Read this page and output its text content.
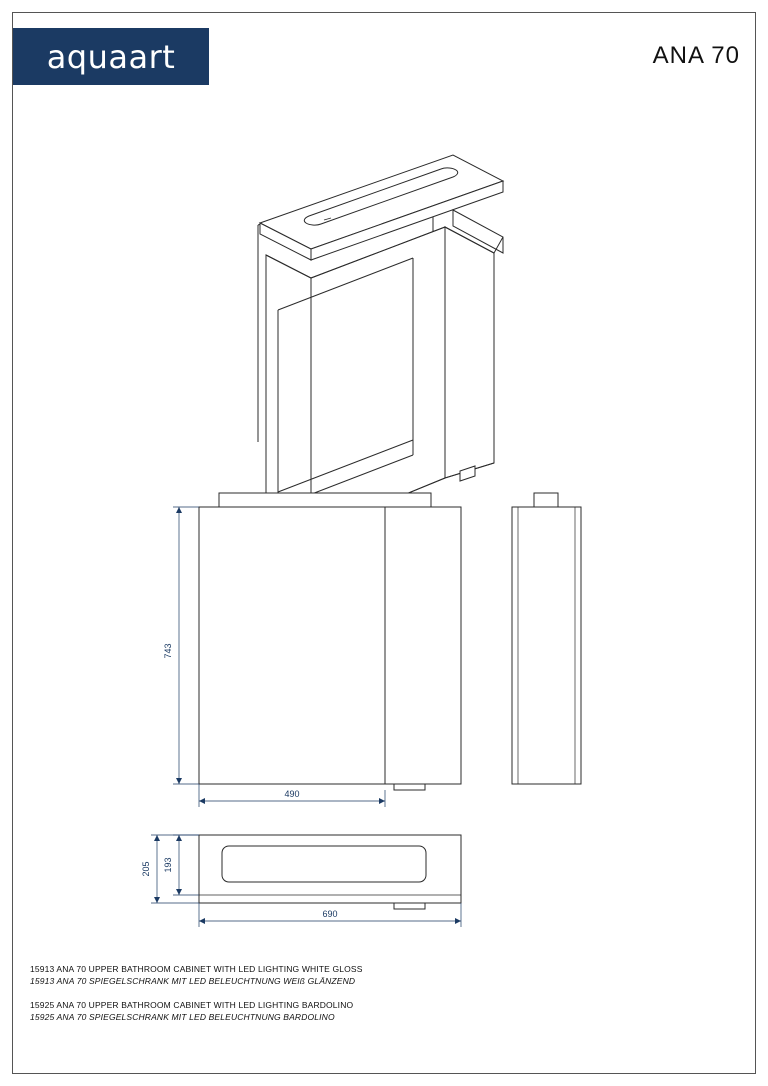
aquaart	ANA 70
743
490
205 193
690
15913 ANA 70 UPPER BATHROOM CABINET WITH LED LIGHTING WHITE GLOSS
15913 ANA 70 SPIEGELSCHRANK MIT LED BELEUCHTNUNG WEIß GLÄNZEND
15925 ANA 70 UPPER BATHROOM CABINET WITH LED LIGHTING BARDOLINO
15925 ANA 70 SPIEGELSCHRANK MIT LED BELEUCHTNUNG BARDOLINO
